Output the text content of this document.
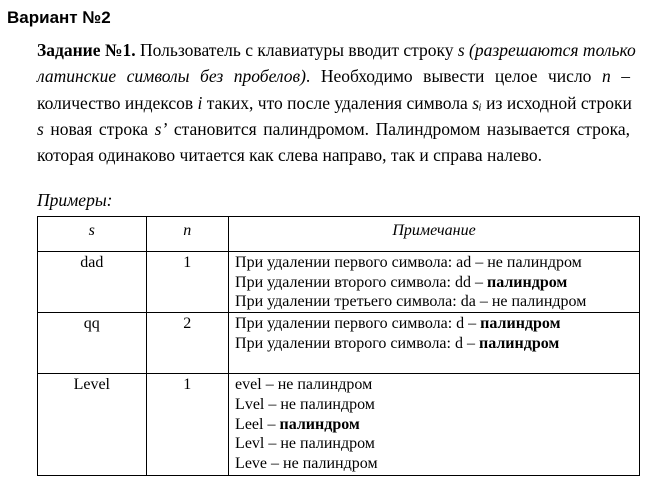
Вариант №2
Задание №1. Пользователь с клавиатуры вводит строку s (разрешаются только
латинские символы без пробелов). Необходимо вывести целое число n –
количество индексов i таких, что после удаления символа sᵢ из исходной строки
s новая строка s’ становится палиндромом. Палиндромом называется строка,
которая одинаково читается как слева направо, так и справа налево.
Примеры:
s	n	Примечание
dad	1	При удалении первого символа: ad – не палиндром
При удалении второго символа: dd – палиндром
При удалении третьего символа: da – не палиндром

qq	2	При удалении первого символа: d – палиндром
При удалении второго символа: d – палиндром

Level	1	evel – не палиндром
Lvel – не палиндром
Leel – палиндром
Levl – не палиндром
Leve – не палиндром
